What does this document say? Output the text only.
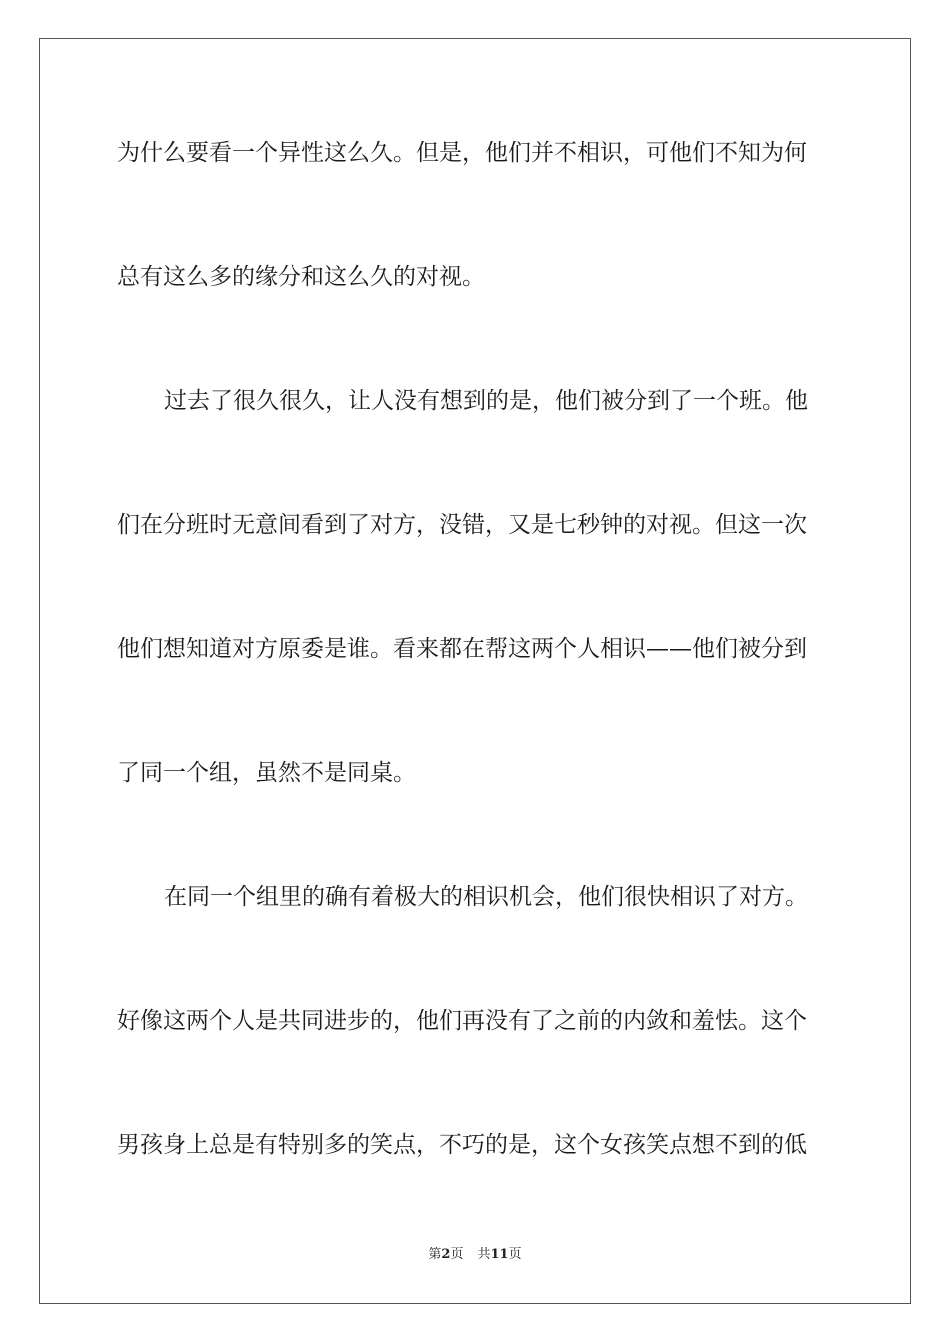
为什么要看一个异性这么久。但是，他们并不相识，可他们不知为何
总有这么多的缘分和这么久的对视。
过去了很久很久，让人没有想到的是，他们被分到了一个班。他
们在分班时无意间看到了对方，没错，又是七秒钟的对视。但这一次
他们想知道对方原委是谁。看来都在帮这两个人相识——他们被分到
了同一个组，虽然不是同桌。
在同一个组里的确有着极大的相识机会，他们很快相识了对方。
好像这两个人是共同进步的，他们再没有了之前的内敛和羞怯。这个
男孩身上总是有特别多的笑点，不巧的是，这个女孩笑点想不到的低
第2页 共11页
